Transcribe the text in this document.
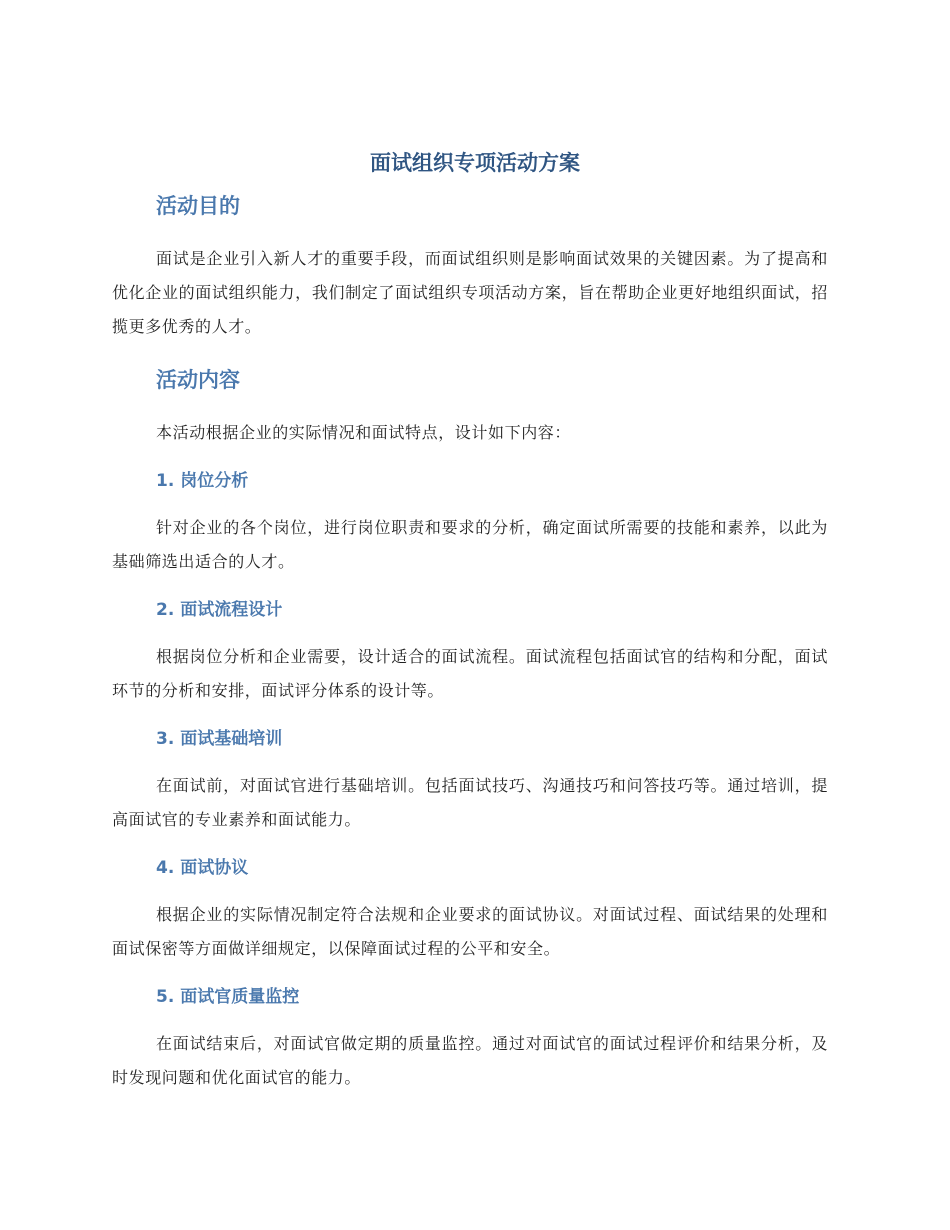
面试组织专项活动方案
活动目的

面试是企业引入新人才的重要手段，而面试组织则是影响面试效果的关键因素。为了提高和优化企业的面试组织能力，我们制定了面试组织专项活动方案，旨在帮助企业更好地组织面试，招揽更多优秀的人才。

活动内容

本活动根据企业的实际情况和面试特点，设计如下内容：

1. 岗位分析

针对企业的各个岗位，进行岗位职责和要求的分析，确定面试所需要的技能和素养，以此为基础筛选出适合的人才。

2. 面试流程设计

根据岗位分析和企业需要，设计适合的面试流程。面试流程包括面试官的结构和分配，面试环节的分析和安排，面试评分体系的设计等。

3. 面试基础培训

在面试前，对面试官进行基础培训。包括面试技巧、沟通技巧和问答技巧等。通过培训，提高面试官的专业素养和面试能力。

4. 面试协议

根据企业的实际情况制定符合法规和企业要求的面试协议。对面试过程、面试结果的处理和面试保密等方面做详细规定，以保障面试过程的公平和安全。

5. 面试官质量监控

在面试结束后，对面试官做定期的质量监控。通过对面试官的面试过程评价和结果分析，及时发现问题和优化面试官的能力。
